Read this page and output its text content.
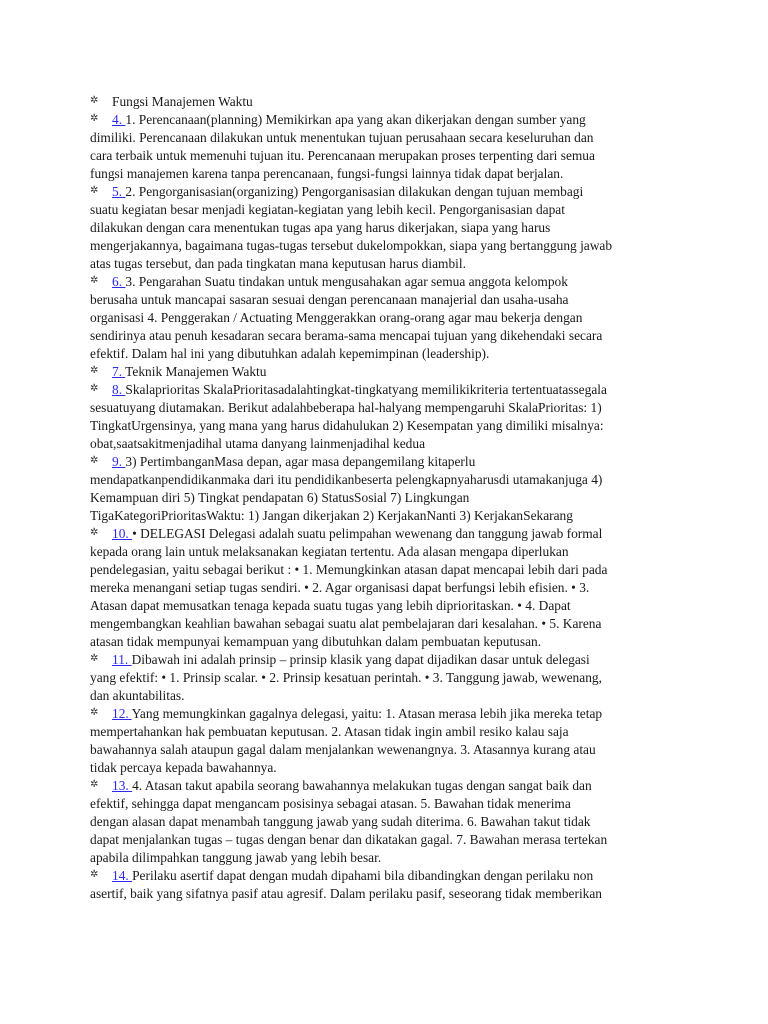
✲	Fungsi Manajemen Waktu

✲	4. 1. Perencanaan(planning) Memikirkan apa yang akan dikerjakan dengan sumber yang

dimiliki. Perencanaan dilakukan untuk menentukan tujuan perusahaan secara keseluruhan dan

cara terbaik untuk memenuhi tujuan itu. Perencanaan merupakan proses terpenting dari semua

fungsi manajemen karena tanpa perencanaan, fungsi-fungsi lainnya tidak dapat berjalan.

✲	5. 2. Pengorganisasian(organizing) Pengorganisasian dilakukan dengan tujuan membagi

suatu kegiatan besar menjadi kegiatan-kegiatan yang lebih kecil. Pengorganisasian dapat

dilakukan dengan cara menentukan tugas apa yang harus dikerjakan, siapa yang harus

mengerjakannya, bagaimana tugas-tugas tersebut dukelompokkan, siapa yang bertanggung jawab

atas tugas tersebut, dan pada tingkatan mana keputusan harus diambil.

✲	6. 3. Pengarahan Suatu tindakan untuk mengusahakan agar semua anggota kelompok

berusaha untuk mancapai sasaran sesuai dengan perencanaan manajerial dan usaha-usaha

organisasi 4. Penggerakan / Actuating Menggerakkan orang-orang agar mau bekerja dengan

sendirinya atau penuh kesadaran secara berama-sama mencapai tujuan yang dikehendaki secara

efektif. Dalam hal ini yang dibutuhkan adalah kepemimpinan (leadership).

✲	7. Teknik Manajemen Waktu

✲	8. Skalaprioritas SkalaPrioritasadalahtingkat-tingkatyang memilikikriteria tertentuatassegala

sesuatuyang diutamakan. Berikut adalahbeberapa hal-halyang mempengaruhi SkalaPrioritas: 1)

TingkatUrgensinya, yang mana yang harus didahulukan 2) Kesempatan yang dimiliki misalnya:

obat,saatsakitmenjadihal utama danyang lainmenjadihal kedua

✲	9. 3) PertimbanganMasa depan, agar masa depangemilang kitaperlu

mendapatkanpendidikanmaka dari itu pendidikanbeserta pelengkapnyaharusdi utamakanjuga 4)

Kemampuan diri 5) Tingkat pendapatan 6) StatusSosial 7) Lingkungan

TigaKategoriPrioritasWaktu: 1) Jangan dikerjakan 2) KerjakanNanti 3) KerjakanSekarang

✲	10. • DELEGASI Delegasi adalah suatu pelimpahan wewenang dan tanggung jawab formal

kepada orang lain untuk melaksanakan kegiatan tertentu. Ada alasan mengapa diperlukan

pendelegasian, yaitu sebagai berikut : • 1. Memungkinkan atasan dapat mencapai lebih dari pada

mereka menangani setiap tugas sendiri. • 2. Agar organisasi dapat berfungsi lebih efisien. • 3.

Atasan dapat memusatkan tenaga kepada suatu tugas yang lebih diprioritaskan. • 4. Dapat

mengembangkan keahlian bawahan sebagai suatu alat pembelajaran dari kesalahan. • 5. Karena

atasan tidak mempunyai kemampuan yang dibutuhkan dalam pembuatan keputusan.

✲	11. Dibawah ini adalah prinsip – prinsip klasik yang dapat dijadikan dasar untuk delegasi

yang efektif: • 1. Prinsip scalar. • 2. Prinsip kesatuan perintah. • 3. Tanggung jawab, wewenang,

dan akuntabilitas.

✲	12. Yang memungkinkan gagalnya delegasi, yaitu: 1. Atasan merasa lebih jika mereka tetap

mempertahankan hak pembuatan keputusan. 2. Atasan tidak ingin ambil resiko kalau saja

bawahannya salah ataupun gagal dalam menjalankan wewenangnya. 3. Atasannya kurang atau

tidak percaya kepada bawahannya.

✲	13. 4. Atasan takut apabila seorang bawahannya melakukan tugas dengan sangat baik dan

efektif, sehingga dapat mengancam posisinya sebagai atasan. 5. Bawahan tidak menerima

dengan alasan dapat menambah tanggung jawab yang sudah diterima. 6. Bawahan takut tidak

dapat menjalankan tugas – tugas dengan benar dan dikatakan gagal. 7. Bawahan merasa tertekan

apabila dilimpahkan tanggung jawab yang lebih besar.

✲	14. Perilaku asertif dapat dengan mudah dipahami bila dibandingkan dengan perilaku non

asertif, baik yang sifatnya pasif atau agresif. Dalam perilaku pasif, seseorang tidak memberikan
